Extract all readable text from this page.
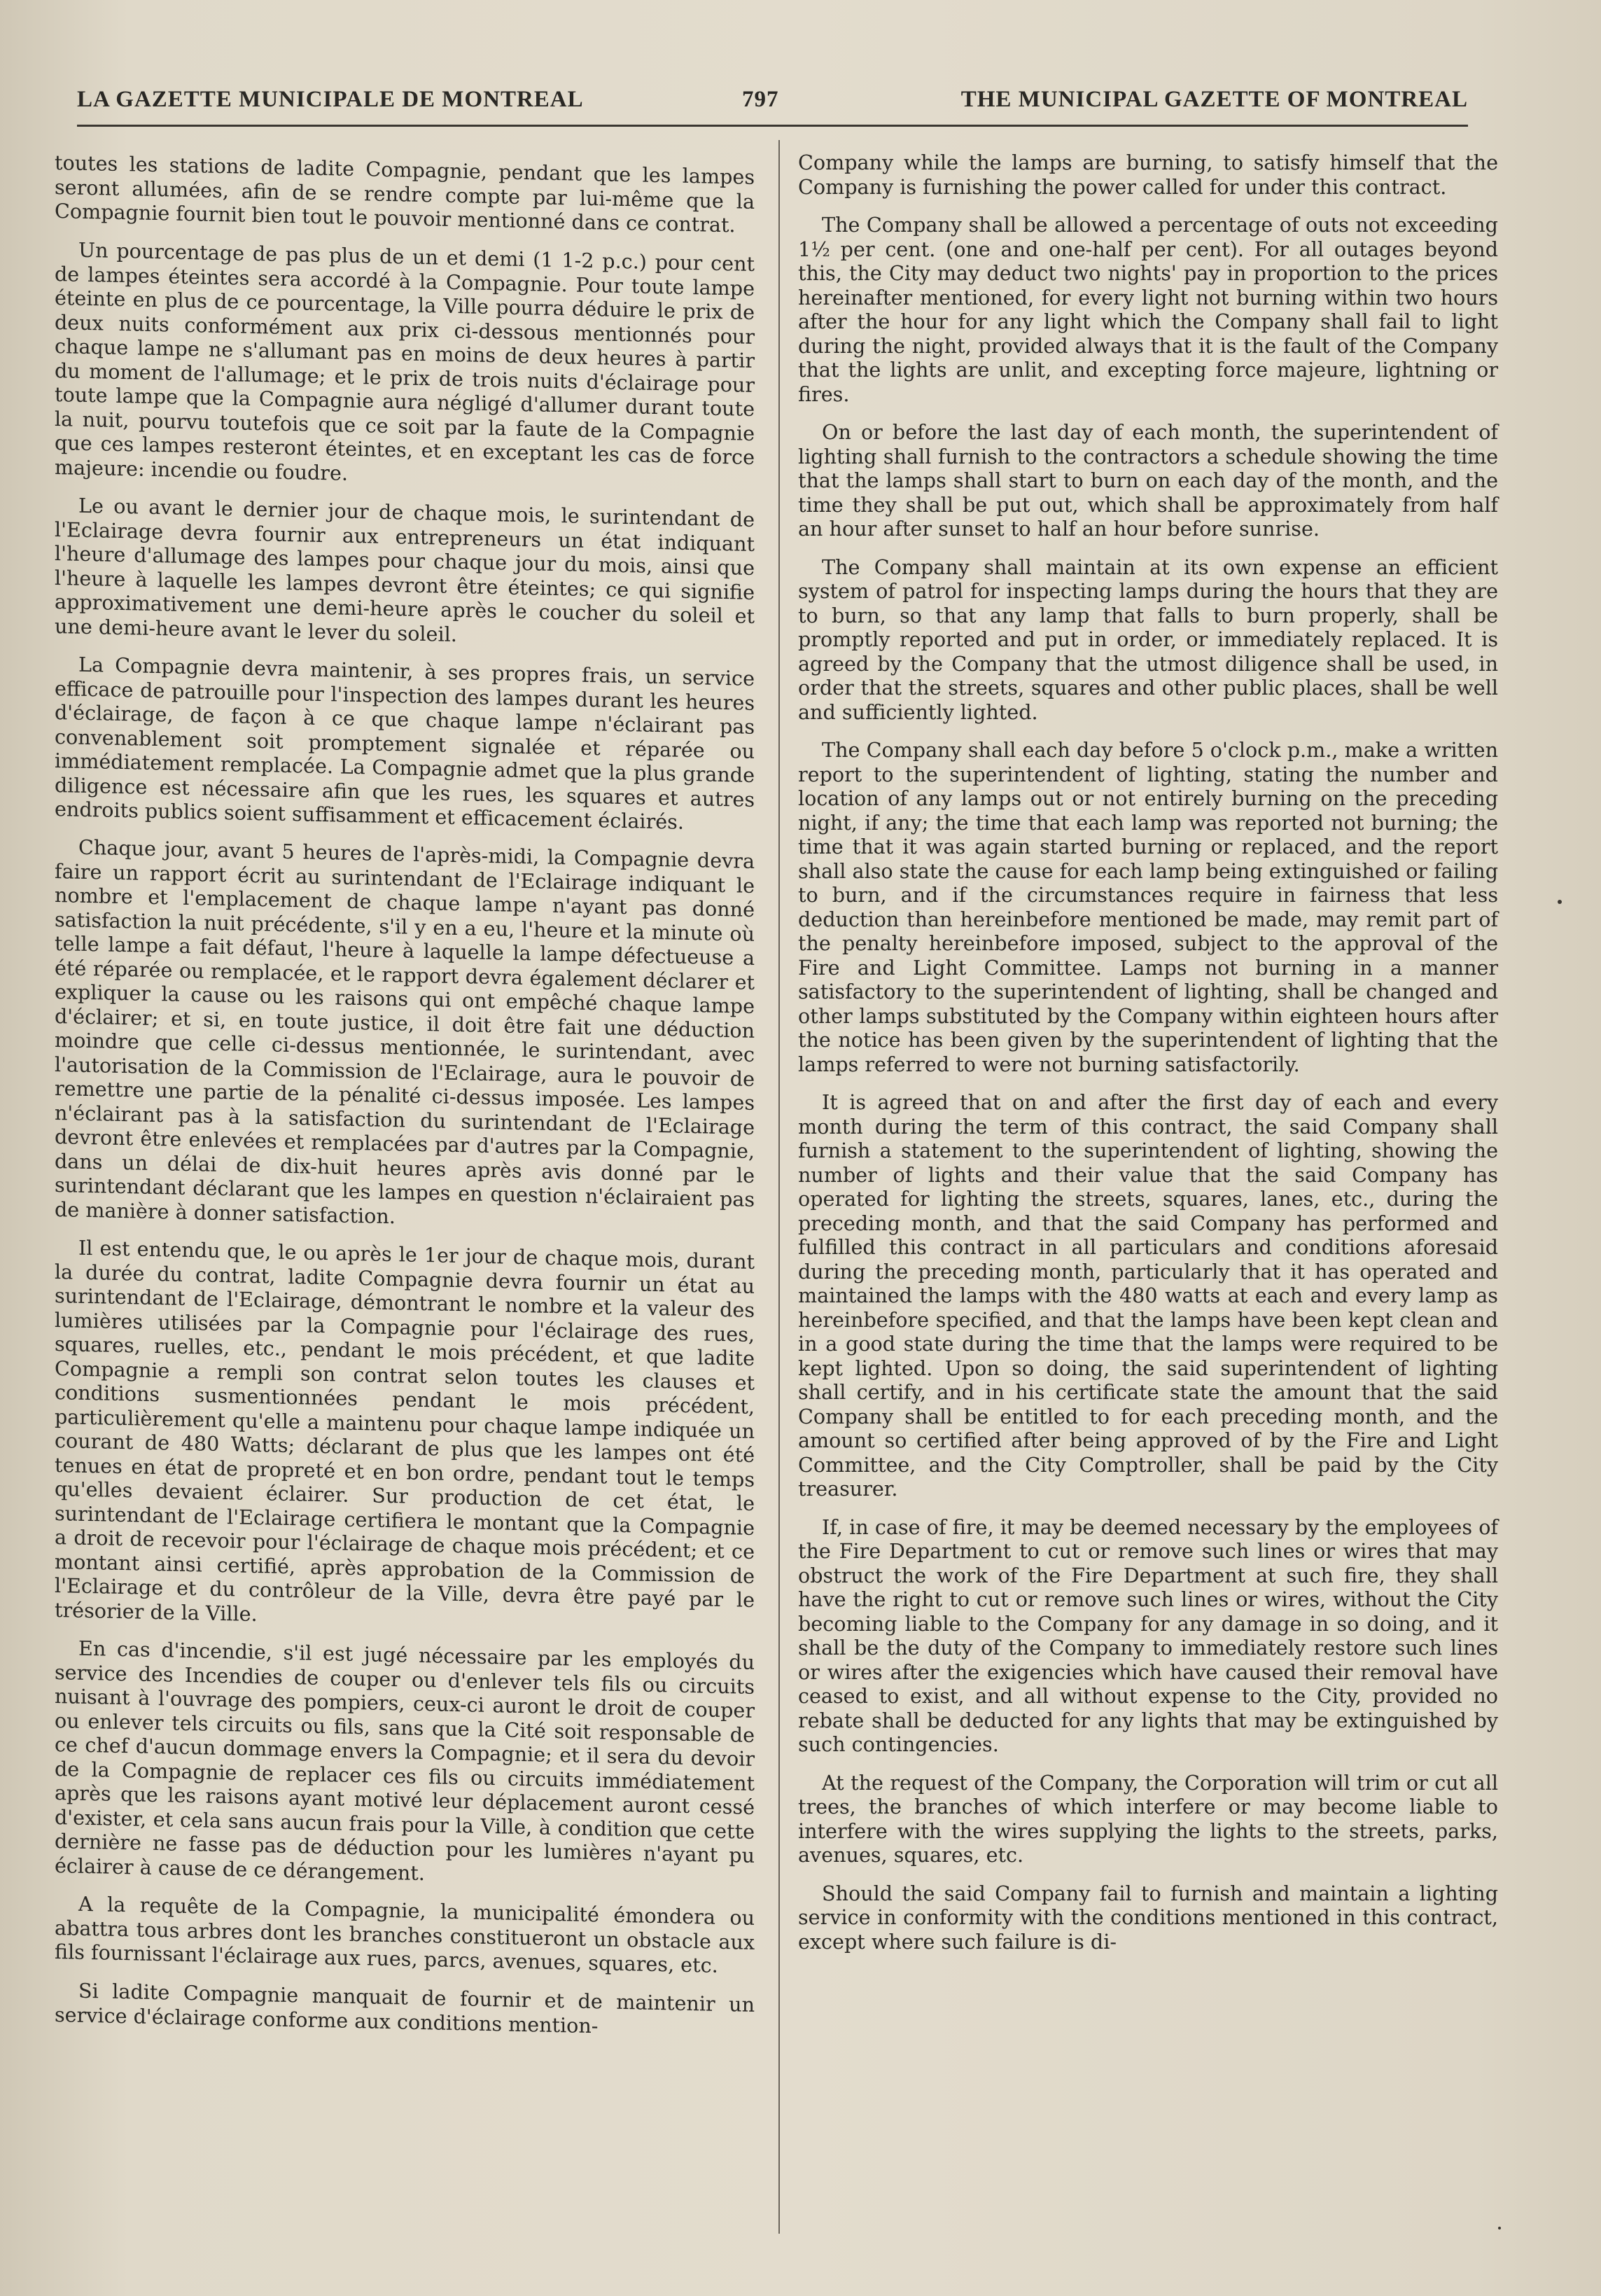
LA GAZETTE MUNICIPALE DE MONTREAL	797	THE MUNICIPAL GAZETTE OF MONTREAL

toutes les stations de ladite Compagnie, pendant que les lampes seront allumées, afin de se rendre compte par lui-même que la Compagnie fournit bien tout le pouvoir mentionné dans ce contrat.

Un pourcentage de pas plus de un et demi (1 1-2 p.c.) pour cent de lampes éteintes sera accordé à la Compagnie. Pour toute lampe éteinte en plus de ce pourcentage, la Ville pourra déduire le prix de deux nuits conformément aux prix ci-dessous mentionnés pour chaque lampe ne s'allumant pas en moins de deux heures à partir du moment de l'allumage; et le prix de trois nuits d'éclairage pour toute lampe que la Compagnie aura négligé d'allumer durant toute la nuit, pourvu toutefois que ce soit par la faute de la Compagnie que ces lampes resteront éteintes, et en exceptant les cas de force majeure: incendie ou foudre.

Le ou avant le dernier jour de chaque mois, le surintendant de l'Eclairage devra fournir aux entrepreneurs un état indiquant l'heure d'allumage des lampes pour chaque jour du mois, ainsi que l'heure à laquelle les lampes devront être éteintes; ce qui signifie approximativement une demi-heure après le coucher du soleil et une demi-heure avant le lever du soleil.

La Compagnie devra maintenir, à ses propres frais, un service efficace de patrouille pour l'inspection des lampes durant les heures d'éclairage, de façon à ce que chaque lampe n'éclairant pas convenablement soit promptement signalée et réparée ou immédiatement remplacée. La Compagnie admet que la plus grande diligence est nécessaire afin que les rues, les squares et autres endroits publics soient suffisamment et efficacement éclairés.

Chaque jour, avant 5 heures de l'après-midi, la Compagnie devra faire un rapport écrit au surintendant de l'Eclairage indiquant le nombre et l'emplacement de chaque lampe n'ayant pas donné satisfaction la nuit précédente, s'il y en a eu, l'heure et la minute où telle lampe a fait défaut, l'heure à laquelle la lampe défectueuse a été réparée ou remplacée, et le rapport devra également déclarer et expliquer la cause ou les raisons qui ont empêché chaque lampe d'éclairer; et si, en toute justice, il doit être fait une déduction moindre que celle ci-dessus mentionnée, le surintendant, avec l'autorisation de la Commission de l'Eclairage, aura le pouvoir de remettre une partie de la pénalité ci-dessus imposée. Les lampes n'éclairant pas à la satisfaction du surintendant de l'Eclairage devront être enlevées et remplacées par d'autres par la Compagnie, dans un délai de dix-huit heures après avis donné par le surintendant déclarant que les lampes en question n'éclairaient pas de manière à donner satisfaction.

Il est entendu que, le ou après le 1er jour de chaque mois, durant la durée du contrat, ladite Compagnie devra fournir un état au surintendant de l'Eclairage, démontrant le nombre et la valeur des lumières utilisées par la Compagnie pour l'éclairage des rues, squares, ruelles, etc., pendant le mois précédent, et que ladite Compagnie a rempli son contrat selon toutes les clauses et conditions susmentionnées pendant le mois précédent, particulièrement qu'elle a maintenu pour chaque lampe indiquée un courant de 480 Watts; déclarant de plus que les lampes ont été tenues en état de propreté et en bon ordre, pendant tout le temps qu'elles devaient éclairer. Sur production de cet état, le surintendant de l'Eclairage certifiera le montant que la Compagnie a droit de recevoir pour l'éclairage de chaque mois précédent; et ce montant ainsi certifié, après approbation de la Commission de l'Eclairage et du contrôleur de la Ville, devra être payé par le trésorier de la Ville.

En cas d'incendie, s'il est jugé nécessaire par les employés du service des Incendies de couper ou d'enlever tels fils ou circuits nuisant à l'ouvrage des pompiers, ceux-ci auront le droit de couper ou enlever tels circuits ou fils, sans que la Cité soit responsable de ce chef d'aucun dommage envers la Compagnie; et il sera du devoir de la Compagnie de replacer ces fils ou circuits immédiatement après que les raisons ayant motivé leur déplacement auront cessé d'exister, et cela sans aucun frais pour la Ville, à condition que cette dernière ne fasse pas de déduction pour les lumières n'ayant pu éclairer à cause de ce dérangement.

A la requête de la Compagnie, la municipalité émondera ou abattra tous arbres dont les branches constitueront un obstacle aux fils fournissant l'éclairage aux rues, parcs, avenues, squares, etc.

Si ladite Compagnie manquait de fournir et de maintenir un service d'éclairage conforme aux conditions mention-

Company while the lamps are burning, to satisfy himself that the Company is furnishing the power called for under this contract.

The Company shall be allowed a percentage of outs not exceeding 1½ per cent. (one and one-half per cent). For all outages beyond this, the City may deduct two nights' pay in proportion to the prices hereinafter mentioned, for every light not burning within two hours after the hour for any light which the Company shall fail to light during the night, provided always that it is the fault of the Company that the lights are unlit, and excepting force majeure, lightning or fires.

On or before the last day of each month, the superintendent of lighting shall furnish to the contractors a schedule showing the time that the lamps shall start to burn on each day of the month, and the time they shall be put out, which shall be approximately from half an hour after sunset to half an hour before sunrise.

The Company shall maintain at its own expense an efficient system of patrol for inspecting lamps during the hours that they are to burn, so that any lamp that falls to burn properly, shall be promptly reported and put in order, or immediately replaced. It is agreed by the Company that the utmost diligence shall be used, in order that the streets, squares and other public places, shall be well and sufficiently lighted.

The Company shall each day before 5 o'clock p.m., make a written report to the superintendent of lighting, stating the number and location of any lamps out or not entirely burning on the preceding night, if any; the time that each lamp was reported not burning; the time that it was again started burning or replaced, and the report shall also state the cause for each lamp being extinguished or failing to burn, and if the circumstances require in fairness that less deduction than hereinbefore mentioned be made, may remit part of the penalty hereinbefore imposed, subject to the approval of the Fire and Light Committee. Lamps not burning in a manner satisfactory to the superintendent of lighting, shall be changed and other lamps substituted by the Company within eighteen hours after the notice has been given by the superintendent of lighting that the lamps referred to were not burning satisfactorily.

It is agreed that on and after the first day of each and every month during the term of this contract, the said Company shall furnish a statement to the superintendent of lighting, showing the number of lights and their value that the said Company has operated for lighting the streets, squares, lanes, etc., during the preceding month, and that the said Company has performed and fulfilled this contract in all particulars and conditions aforesaid during the preceding month, particularly that it has operated and maintained the lamps with the 480 watts at each and every lamp as hereinbefore specified, and that the lamps have been kept clean and in a good state during the time that the lamps were required to be kept lighted. Upon so doing, the said superintendent of lighting shall certify, and in his certificate state the amount that the said Company shall be entitled to for each preceding month, and the amount so certified after being approved of by the Fire and Light Committee, and the City Comptroller, shall be paid by the City treasurer.

If, in case of fire, it may be deemed necessary by the employees of the Fire Department to cut or remove such lines or wires that may obstruct the work of the Fire Department at such fire, they shall have the right to cut or remove such lines or wires, without the City becoming liable to the Company for any damage in so doing, and it shall be the duty of the Company to immediately restore such lines or wires after the exigencies which have caused their removal have ceased to exist, and all without expense to the City, provided no rebate shall be deducted for any lights that may be extinguished by such contingencies.

At the request of the Company, the Corporation will trim or cut all trees, the branches of which interfere or may become liable to interfere with the wires supplying the lights to the streets, parks, avenues, squares, etc.

Should the said Company fail to furnish and maintain a lighting service in conformity with the conditions mentioned in this contract, except where such failure is di-
